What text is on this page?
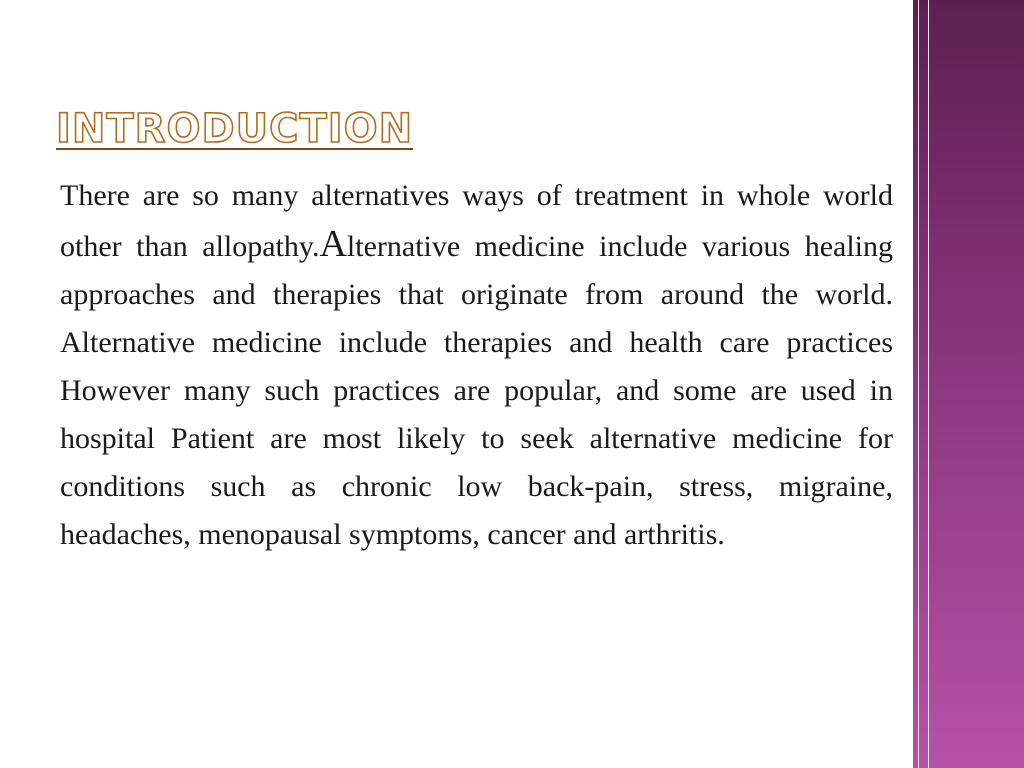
INTRODUCTION

There are so many alternatives ways of treatment in whole world other than allopathy.Alternative medicine include various healing approaches and therapies that originate from around the world. Alternative medicine include therapies and health care practices However many such practices are popular, and some are used in hospital Patient are most likely to seek alternative medicine for conditions such as chronic low back-pain, stress, migraine, headaches, menopausal symptoms, cancer and arthritis.
